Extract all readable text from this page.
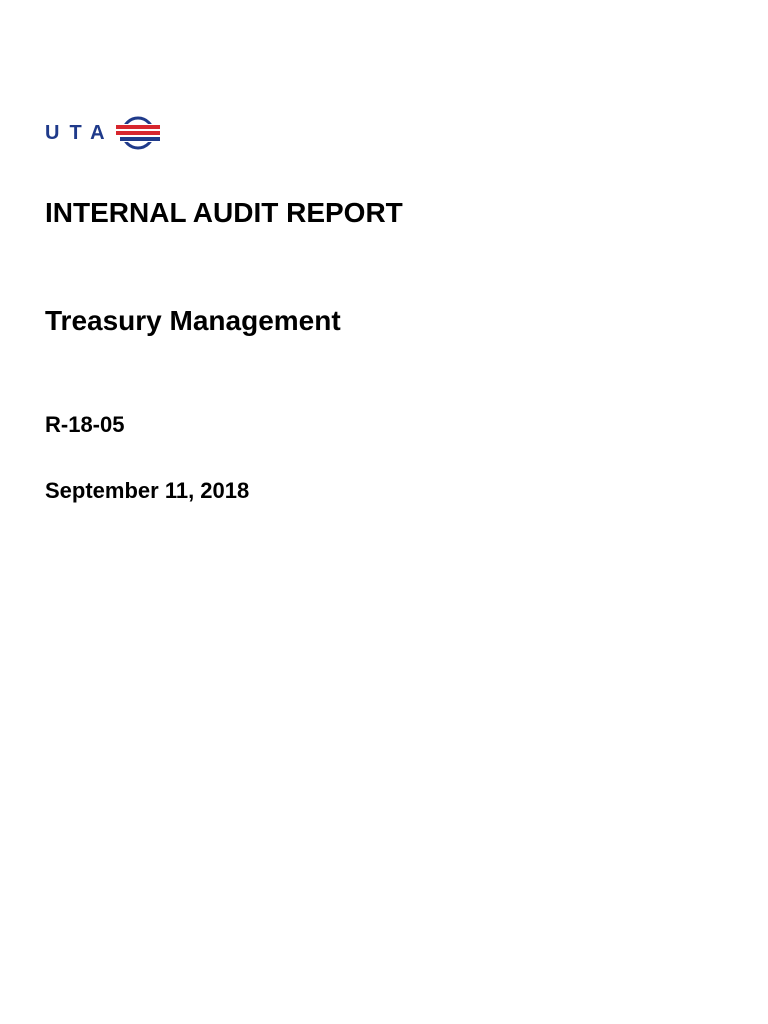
UTA
INTERNAL AUDIT REPORT
Treasury Management

R-18-05

September 11, 2018
